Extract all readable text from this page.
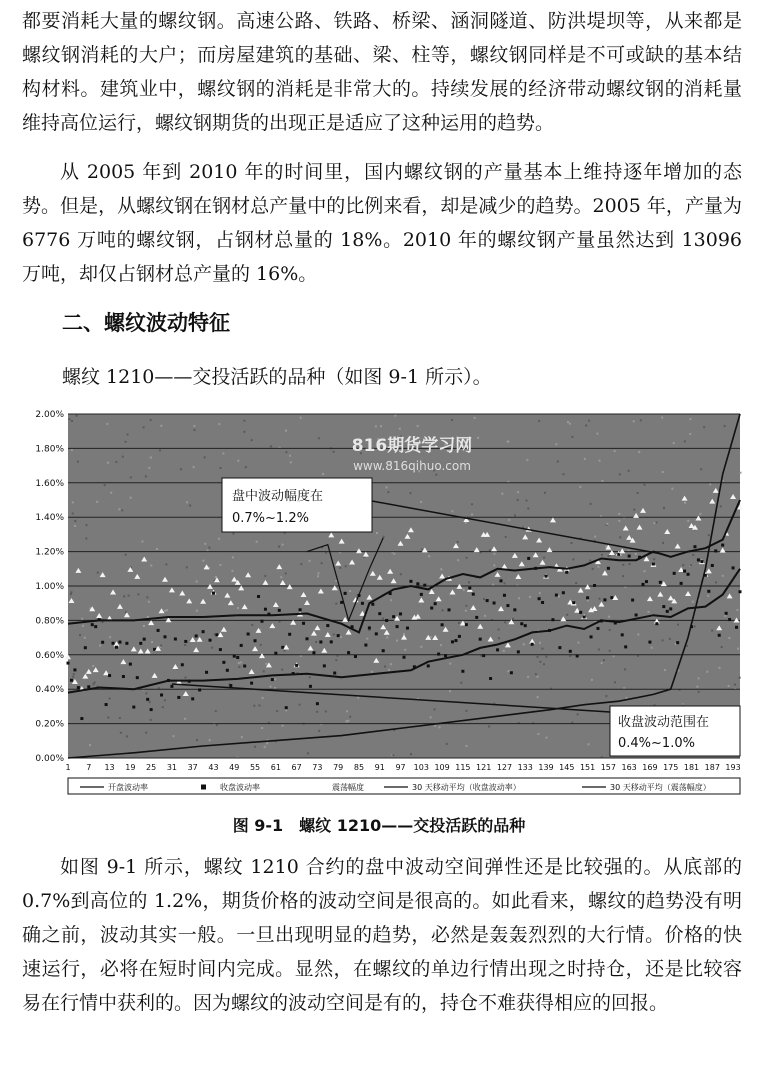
都要消耗大量的螺纹钢。高速公路、铁路、桥梁、涵洞隧道、防洪堤坝等，从来都是螺纹钢消耗的大户；而房屋建筑的基础、梁、柱等，螺纹钢同样是不可或缺的基本结构材料。建筑业中，螺纹钢的消耗是非常大的。持续发展的经济带动螺纹钢的消耗量维持高位运行，螺纹钢期货的出现正是适应了这种运用的趋势。

从 2005 年到 2010 年的时间里，国内螺纹钢的产量基本上维持逐年增加的态势。但是，从螺纹钢在钢材总产量中的比例来看，却是减少的趋势。2005 年，产量为 6776 万吨的螺纹钢，占钢材总量的 18%。2010 年的螺纹钢产量虽然达到 13096 万吨，却仅占钢材总产量的 16%。

二、螺纹波动特征

螺纹 1210——交投活跃的品种（如图 9-1 所示）。

0.00%
0.20%
0.40%
0.60%
0.80%
1.00%
1.20%
1.40%
1.60%
1.80%
2.00%
1 7 13 19 25 31 37 43 49 55 61 67 73 79 85 91 97 103 109 115 121 127 133 139 145 151 157 163 169 175 181 187 193
盘中波动幅度在
0.7%~1.2%
收盘波动范围在
0.4%~1.0%
816期货学习网
www.816qihuo.com
开盘波动率	收盘波动率	震荡幅度	30 天移动平均（收盘波动率）	30 天移动平均（震荡幅度）
图 9-1　螺纹 1210——交投活跃的品种

如图 9-1 所示，螺纹 1210 合约的盘中波动空间弹性还是比较强的。从底部的 0.7%到高位的 1.2%，期货价格的波动空间是很高的。如此看来，螺纹的趋势没有明确之前，波动其实一般。一旦出现明显的趋势，必然是轰轰烈烈的大行情。价格的快速运行，必将在短时间内完成。显然，在螺纹的单边行情出现之时持仓，还是比较容易在行情中获利的。因为螺纹的波动空间是有的，持仓不难获得相应的回报。
